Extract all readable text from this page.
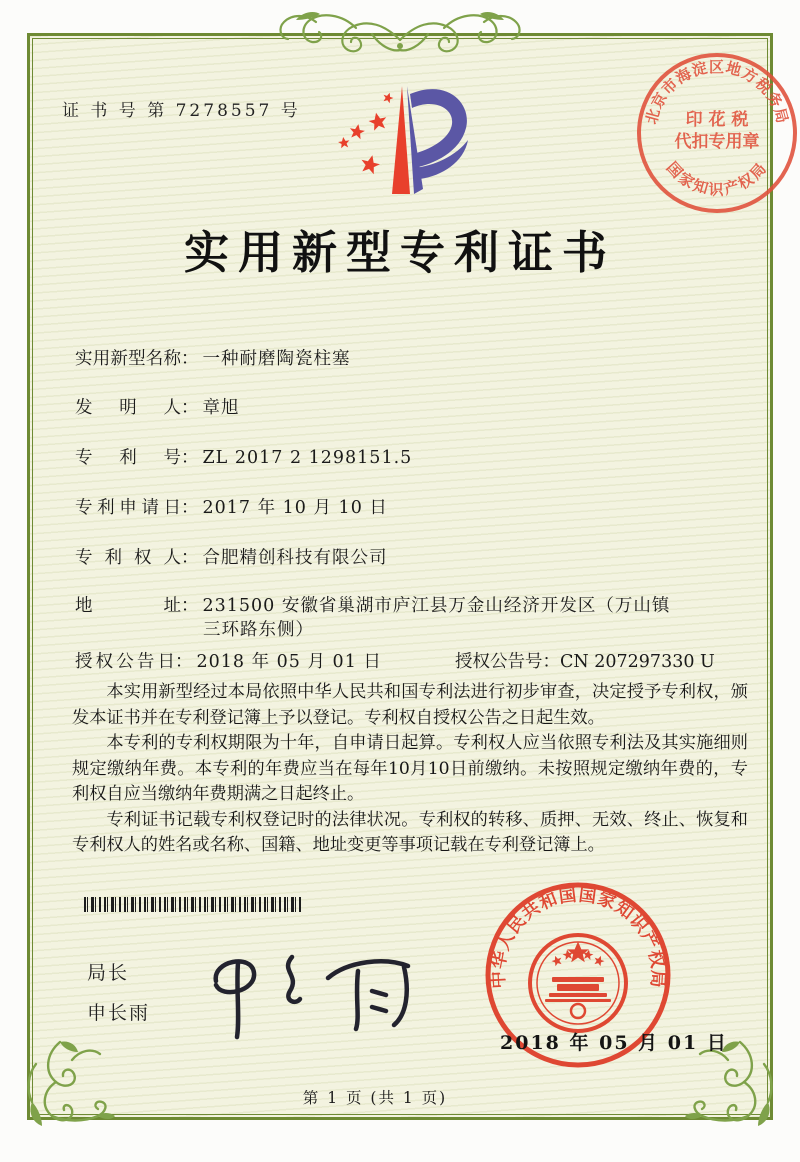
证 书 号 第 7278557 号	北京市海淀区地方税务局
印 花 税
代扣专用章
国家知识产权局
实用新型专利证书
实用新型名称： 一种耐磨陶瓷柱塞
发明人： 章旭
专利号： ZL 2017 2 1298151.5
专利申请日： 2017 年 10 月 10 日
专利权人： 合肥精创科技有限公司
地址： 231500 安徽省巢湖市庐江县万金山经济开发区（万山镇
三环路东侧）
授权公告日： 2018 年 05 月 01 日	授权公告号：CN 207297330 U

本实用新型经过本局依照中华人民共和国专利法进行初步审查，决定授予专利权，颁发本证书并在专利登记簿上予以登记。专利权自授权公告之日起生效。

本专利的专利权期限为十年，自申请日起算。专利权人应当依照专利法及其实施细则规定缴纳年费。本专利的年费应当在每年10月10日前缴纳。未按照规定缴纳年费的，专利权自应当缴纳年费期满之日起终止。

专利证书记载专利权登记时的法律状况。专利权的转移、质押、无效、终止、恢复和专利权人的姓名或名称、国籍、地址变更等事项记载在专利登记簿上。

局长
申长雨
中华人民共和国国家知识产权局
2018 年 05 月 01 日
第 1 页 (共 1 页)
